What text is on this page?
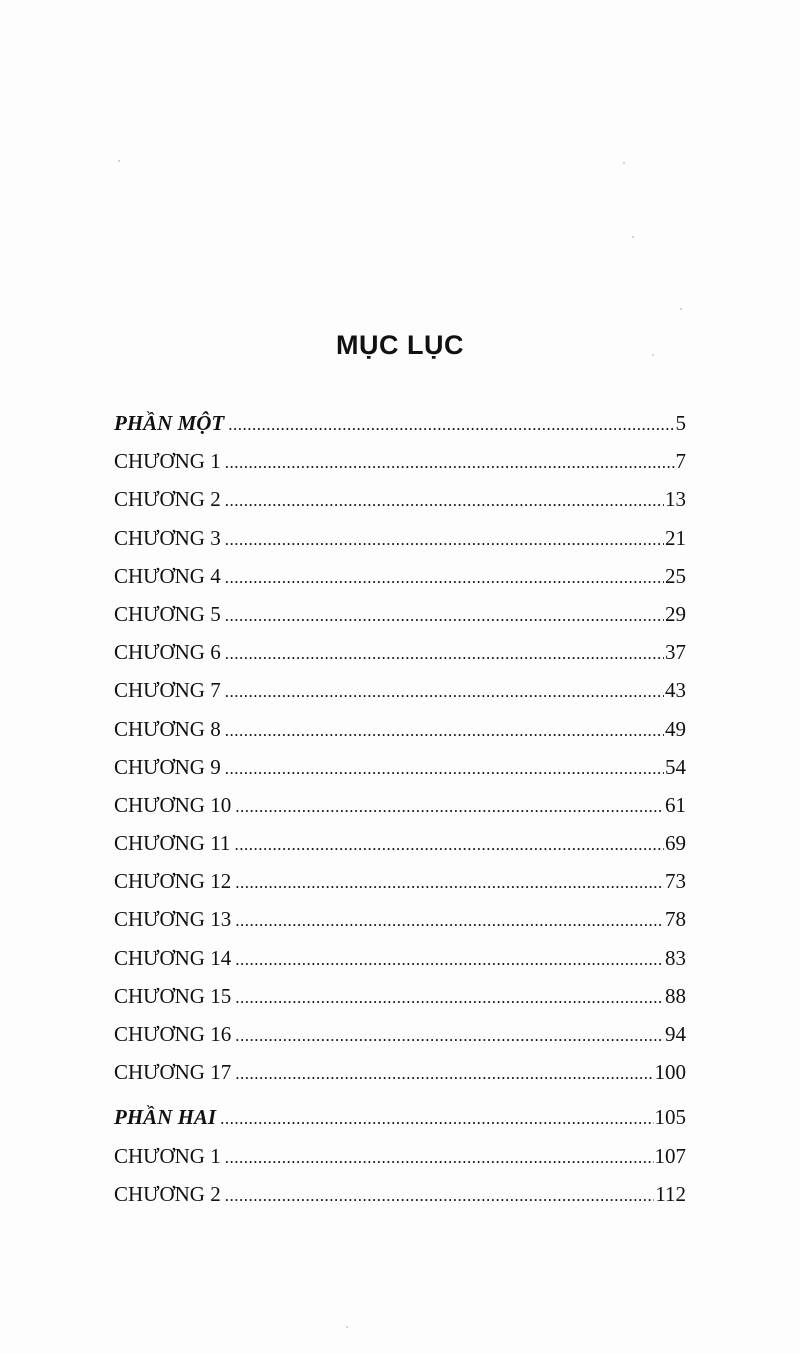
MỤC LỤC
PHẦN MỘT .....	5
CHƯƠNG 1 .....	7
CHƯƠNG 2 .....	13
CHƯƠNG 3 .....	21
CHƯƠNG 4 .....	25
CHƯƠNG 5 .....	29
CHƯƠNG 6 .....	37
CHƯƠNG 7 .....	43
CHƯƠNG 8 .....	49
CHƯƠNG 9 .....	54
CHƯƠNG 10 .....	61
CHƯƠNG 11 .....	69
CHƯƠNG 12 .....	73
CHƯƠNG 13 .....	78
CHƯƠNG 14 .....	83
CHƯƠNG 15 .....	88
CHƯƠNG 16 .....	94
CHƯƠNG 17 .....	100
PHẦN HAI .....	105
CHƯƠNG 1 .....	107
CHƯƠNG 2 .....	112
